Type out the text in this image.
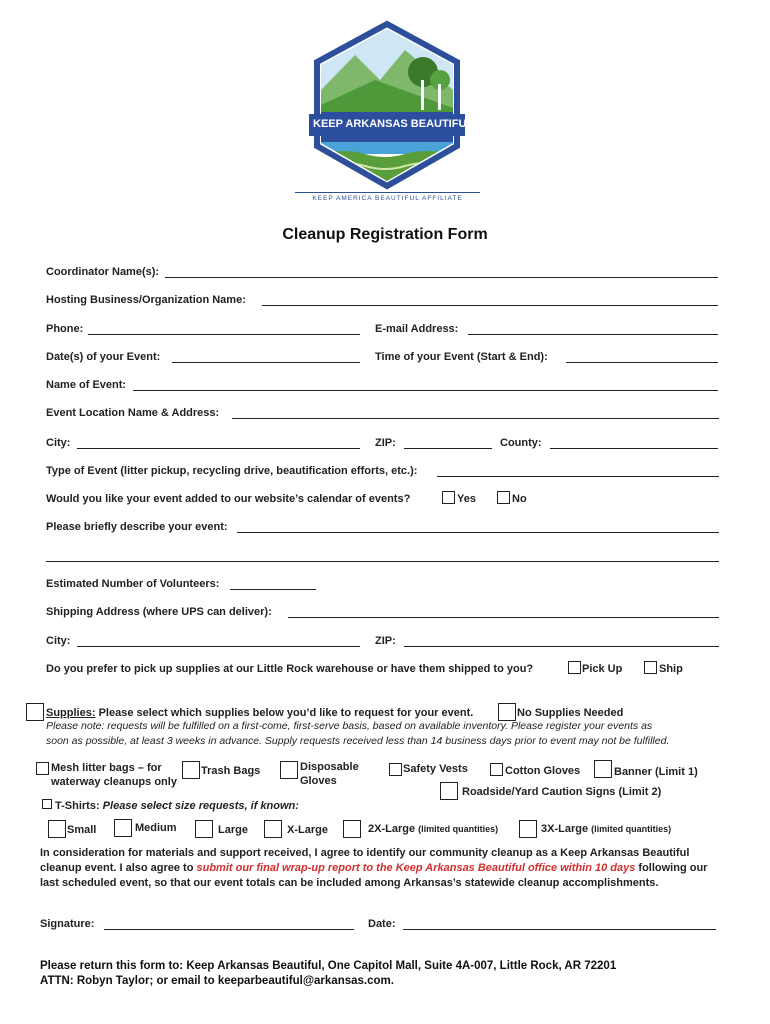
KEEP ARKANSAS BEAUTIFUL
KEEP AMERICA BEAUTIFUL AFFILIATE
Cleanup Registration Form
Coordinator Name(s):
Hosting Business/Organization Name:
Phone:	E-mail Address:
Date(s) of your Event:	Time of your Event (Start & End):
Name of Event:
Event Location Name & Address:
City:	ZIP:	County:
Type of Event (litter pickup, recycling drive, beautification efforts, etc.):
Would you like your event added to our website’s calendar of events?	Yes	No
Please briefly describe your event:
Estimated Number of Volunteers:
Shipping Address (where UPS can deliver):
City:	ZIP:
Do you prefer to pick up supplies at our Little Rock warehouse or have them shipped to you?	Pick Up	Ship
Supplies: Please select which supplies below you’d like to request for your event.	No Supplies Needed
Please note: requests will be fulfilled on a first-come, first-serve basis, based on available inventory. Please register your events as
soon as possible, at least 3 weeks in advance. Supply requests received less than 14 business days prior to event may not be fulfilled.
Mesh litter bags – for
waterway cleanups only
Trash Bags	Disposable
Gloves
Safety Vests	Cotton Gloves	Banner (Limit 1)
Roadside/Yard Caution Signs (Limit 2)
T-Shirts: Please select size requests, if known:
Small	Medium	Large	X-Large	2X-Large (limited quantities)	3X-Large (limited quantities)
In consideration for materials and support received, I agree to identify our community cleanup as a Keep Arkansas Beautiful
cleanup event. I also agree to submit our final wrap-up report to the Keep Arkansas Beautiful office within 10 days following our
last scheduled event, so that our event totals can be included among Arkansas’s statewide cleanup accomplishments.
Signature:	Date:
Please return this form to: Keep Arkansas Beautiful, One Capitol Mall, Suite 4A-007, Little Rock, AR 72201
ATTN: Robyn Taylor; or email to keeparbeautiful@arkansas.com.
